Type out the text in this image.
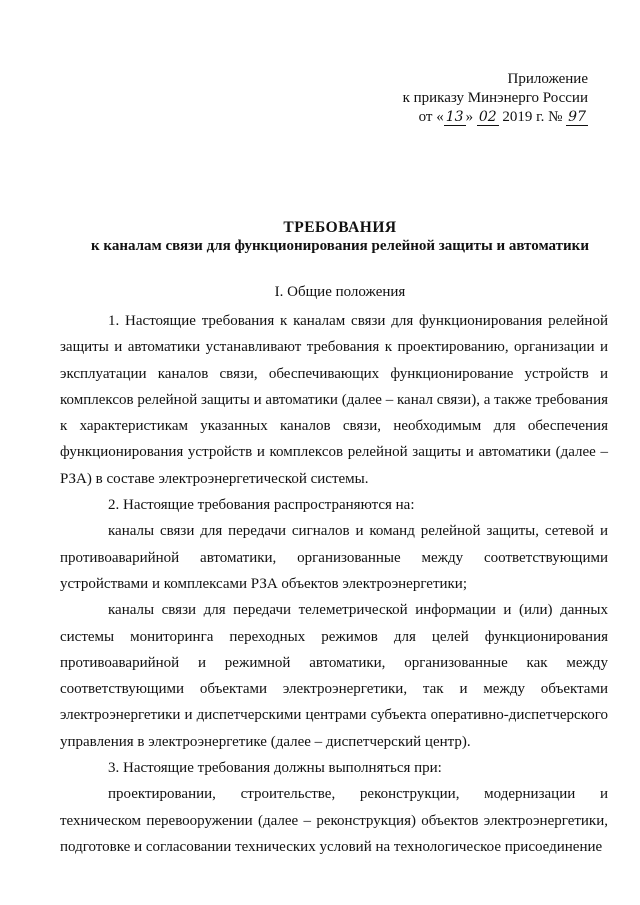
Приложение
к приказу Минэнерго России
от « 13 » 02 2019 г. № 97
ТРЕБОВАНИЯ
к каналам связи для функционирования релейной защиты и автоматики
I. Общие положения

1. Настоящие требования к каналам связи для функционирования релейной защиты и автоматики устанавливают требования к проектированию, организации и эксплуатации каналов связи, обеспечивающих функционирование устройств и комплексов релейной защиты и автоматики (далее – канал связи), а также требования к характеристикам указанных каналов связи, необходимым для обеспечения функционирования устройств и комплексов релейной защиты и автоматики (далее – РЗА) в составе электроэнергетической системы.

2. Настоящие требования распространяются на:

каналы связи для передачи сигналов и команд релейной защиты, сетевой и противоаварийной автоматики, организованные между соответствующими устройствами и комплексами РЗА объектов электроэнергетики;

каналы связи для передачи телеметрической информации и (или) данных системы мониторинга переходных режимов для целей функционирования противоаварийной и режимной автоматики, организованные как между соответствующими объектами электроэнергетики, так и между объектами электроэнергетики и диспетчерскими центрами субъекта оперативно-диспетчерского управления в электроэнергетике (далее – диспетчерский центр).

3. Настоящие требования должны выполняться при:

проектировании, строительстве, реконструкции, модернизации и техническом перевооружении (далее – реконструкция) объектов электроэнергетики, подготовке и согласовании технических условий на технологическое присоединение
